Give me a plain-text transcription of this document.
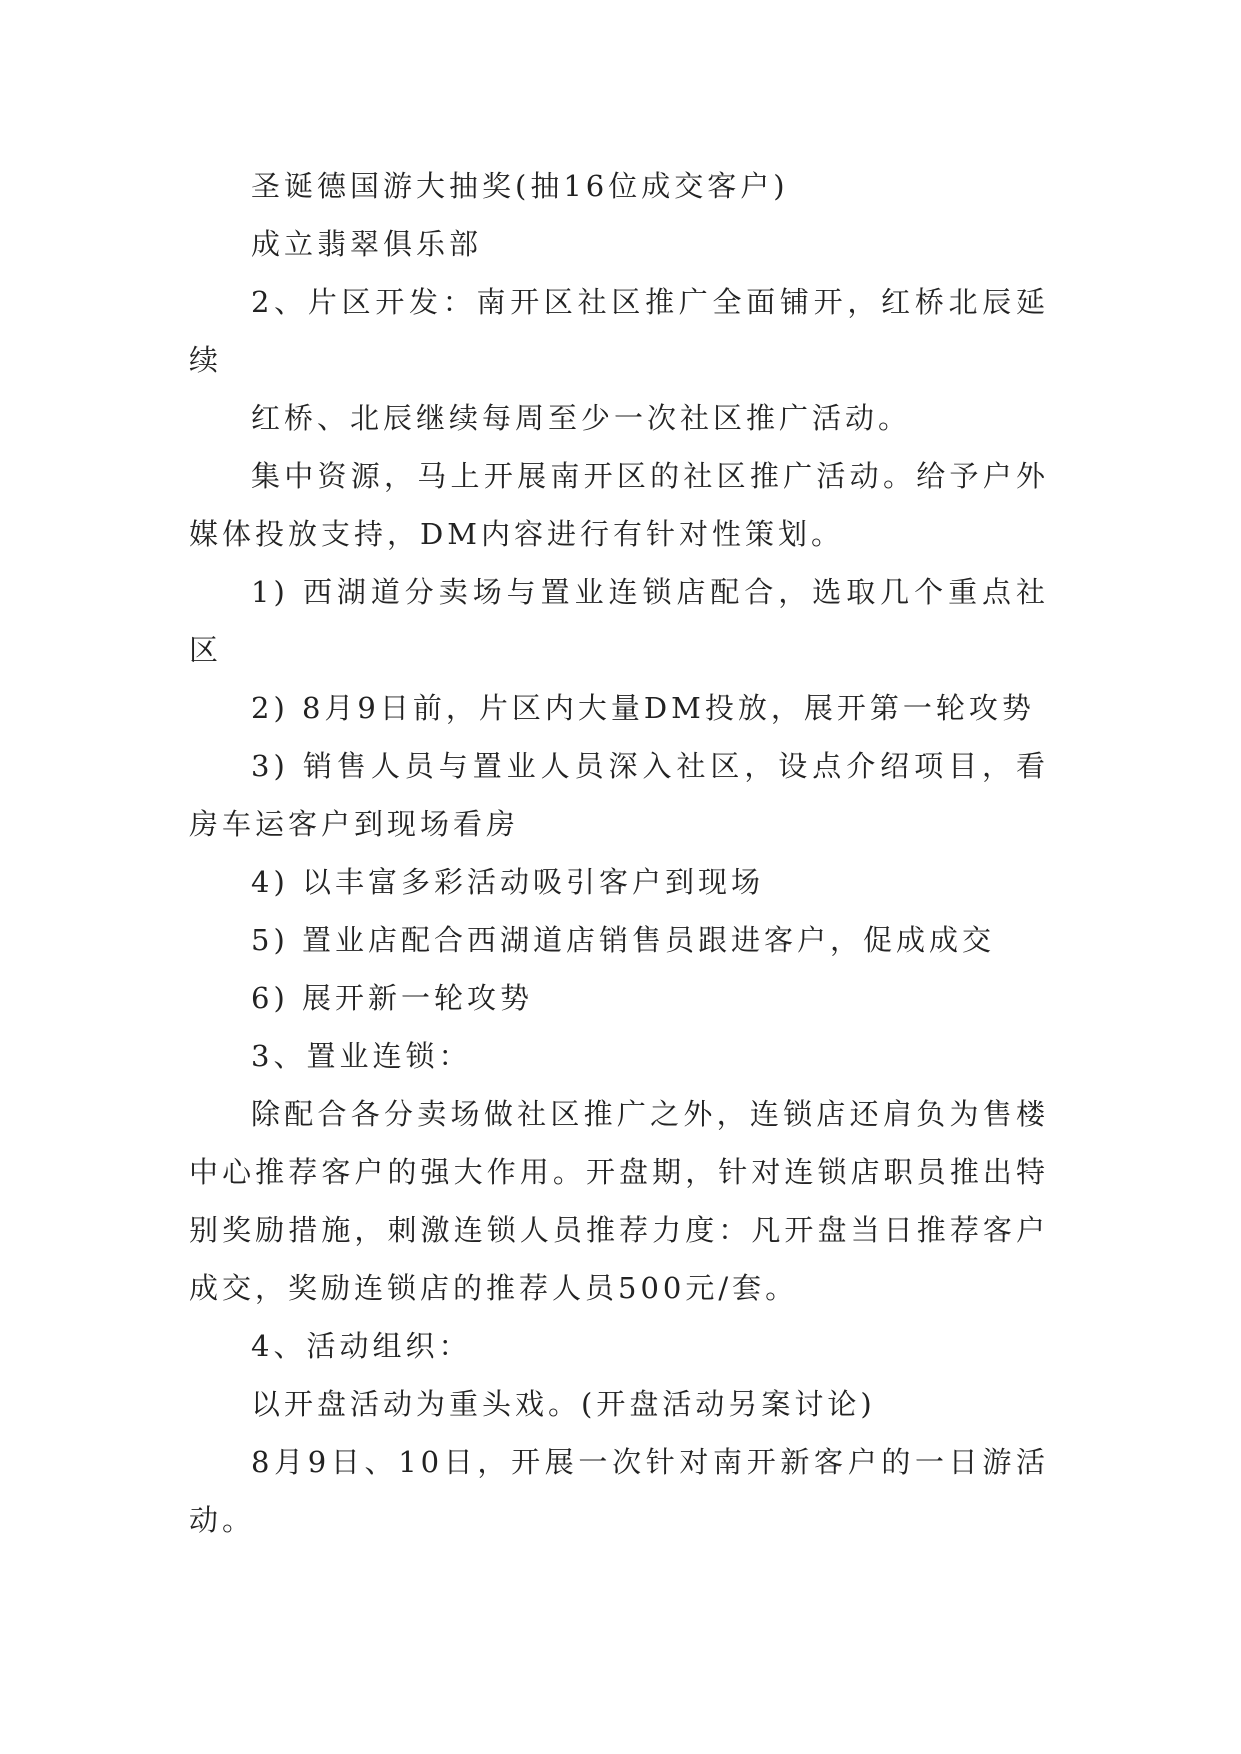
圣诞德国游大抽奖(抽16位成交客户)

成立翡翠俱乐部

2、片区开发：南开区社区推广全面铺开，红桥北辰延续

红桥、北辰继续每周至少一次社区推广活动。

集中资源，马上开展南开区的社区推广活动。给予户外媒体投放支持，DM内容进行有针对性策划。

1) 西湖道分卖场与置业连锁店配合，选取几个重点社区

2) 8月9日前，片区内大量DM投放，展开第一轮攻势

3) 销售人员与置业人员深入社区，设点介绍项目，看房车运客户到现场看房

4) 以丰富多彩活动吸引客户到现场

5) 置业店配合西湖道店销售员跟进客户，促成成交

6) 展开新一轮攻势

3、置业连锁：

除配合各分卖场做社区推广之外，连锁店还肩负为售楼中心推荐客户的强大作用。开盘期，针对连锁店职员推出特别奖励措施，刺激连锁人员推荐力度：凡开盘当日推荐客户成交，奖励连锁店的推荐人员500元/套。

4、活动组织：

以开盘活动为重头戏。(开盘活动另案讨论)

8月9日、10日，开展一次针对南开新客户的一日游活动。
